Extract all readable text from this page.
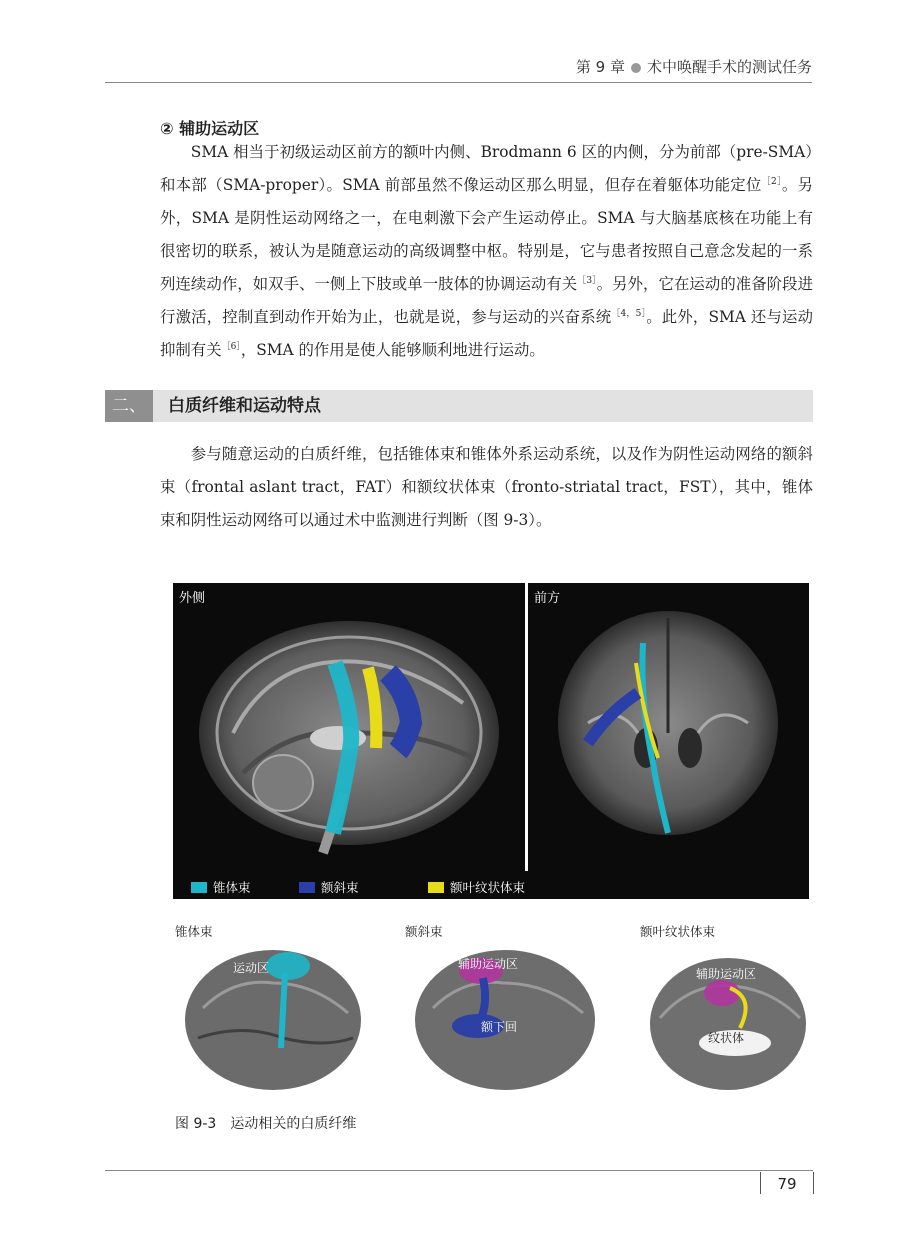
第 9 章 术中唤醒手术的测试任务
② 辅助运动区

SMA 相当于初级运动区前方的额叶内侧、Brodmann 6 区的内侧，分为前部（pre-SMA）和本部（SMA-proper）。SMA 前部虽然不像运动区那么明显，但存在着躯体功能定位$^{[2]}$。另外，SMA 是阴性运动网络之一，在电刺激下会产生运动停止。SMA 与大脑基底核在功能上有很密切的联系，被认为是随意运动的高级调整中枢。特别是，它与患者按照自己意念发起的一系列连续动作，如双手、一侧上下肢或单一肢体的协调运动有关$^{[3]}$。另外，它在运动的准备阶段进行激活，控制直到动作开始为止，也就是说，参与运动的兴奋系统$^{[4,5]}$。此外，SMA 还与运动抑制有关$^{[6]}$，SMA 的作用是使人能够顺利地进行运动。

二、	白质纤维和运动特点

参与随意运动的白质纤维，包括锥体束和锥体外系运动系统，以及作为阴性运动网络的额斜束（frontal aslant tract，FAT）和额纹状体束（fronto-striatal tract，FST），其中，锥体束和阴性运动网络可以通过术中监测进行判断（图 9-3）。

外侧	前方
锥体束	额斜束	额叶纹状体束
锥体束	额斜束	额叶纹状体束
运动区	辅助运动区
额下回
辅助运动区
纹状体
图 9-3 运动相关的白质纤维
79
